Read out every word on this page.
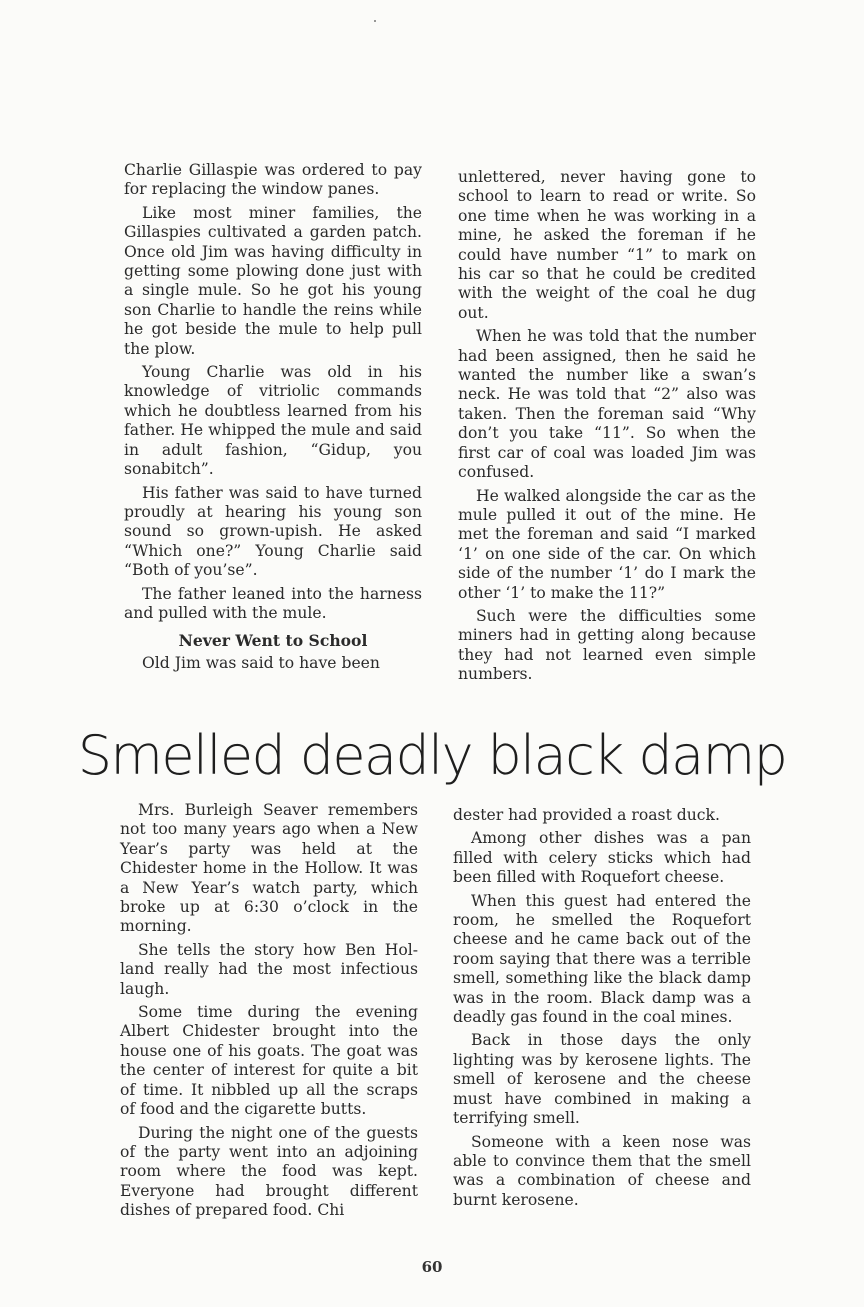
Charlie Gillaspie was ordered to pay for replacing the window panes.

Like most miner families, the Gillaspies cultivated a garden patch. Once old Jim was having difficulty in getting some plowing done just with a single mule. So he got his young son Charlie to handle the reins while he got beside the mule to help pull the plow.

Young Charlie was old in his knowledge of vitriolic commands which he doubtless learned from his father. He whipped the mule and said in adult fashion, “Gidup, you sonabitch”.

His father was said to have turned proudly at hearing his young son sound so grown-upish. He asked “Which one?” Young Charlie said “Both of you’se”.

The father leaned into the harness and pulled with the mule.

Never Went to School

Old Jim was said to have been

unlettered, never having gone to school to learn to read or write. So one time when he was working in a mine, he asked the foreman if he could have number “1” to mark on his car so that he could be credited with the weight of the coal he dug out.

When he was told that the number had been assigned, then he said he wanted the number like a swan’s neck. He was told that “2” also was taken. Then the foreman said “Why don’t you take “11”. So when the first car of coal was loaded Jim was confused.

He walked alongside the car as the mule pulled it out of the mine. He met the foreman and said “I marked ‘1’ on one side of the car. On which side of the number ‘1’ do I mark the other ‘1’ to make the 11?”

Such were the difficulties some miners had in getting along because they had not learned even simple numbers.

Smelled deadly black damp

Mrs. Burleigh Seaver remembers not too many years ago when a New Year’s party was held at the Chidester home in the Hollow. It was a New Year’s watch party, which broke up at 6:30 o’clock in the morning.

She tells the story how Ben Holland really had the most infectious laugh.

Some time during the evening Albert Chidester brought into the house one of his goats. The goat was the center of interest for quite a bit of time. It nibbled up all the scraps of food and the cigarette butts.

During the night one of the guests of the party went into an adjoining room where the food was kept. Everyone had brought different dishes of prepared food. Chi

dester had provided a roast duck.

Among other dishes was a pan filled with celery sticks which had been filled with Roquefort cheese.

When this guest had entered the room, he smelled the Roquefort cheese and he came back out of the room saying that there was a terrible smell, something like the black damp was in the room. Black damp was a deadly gas found in the coal mines.

Back in those days the only lighting was by kerosene lights. The smell of kerosene and the cheese must have combined in making a terrifying smell.

Someone with a keen nose was able to convince them that the smell was a combination of cheese and burnt kerosene.

60
